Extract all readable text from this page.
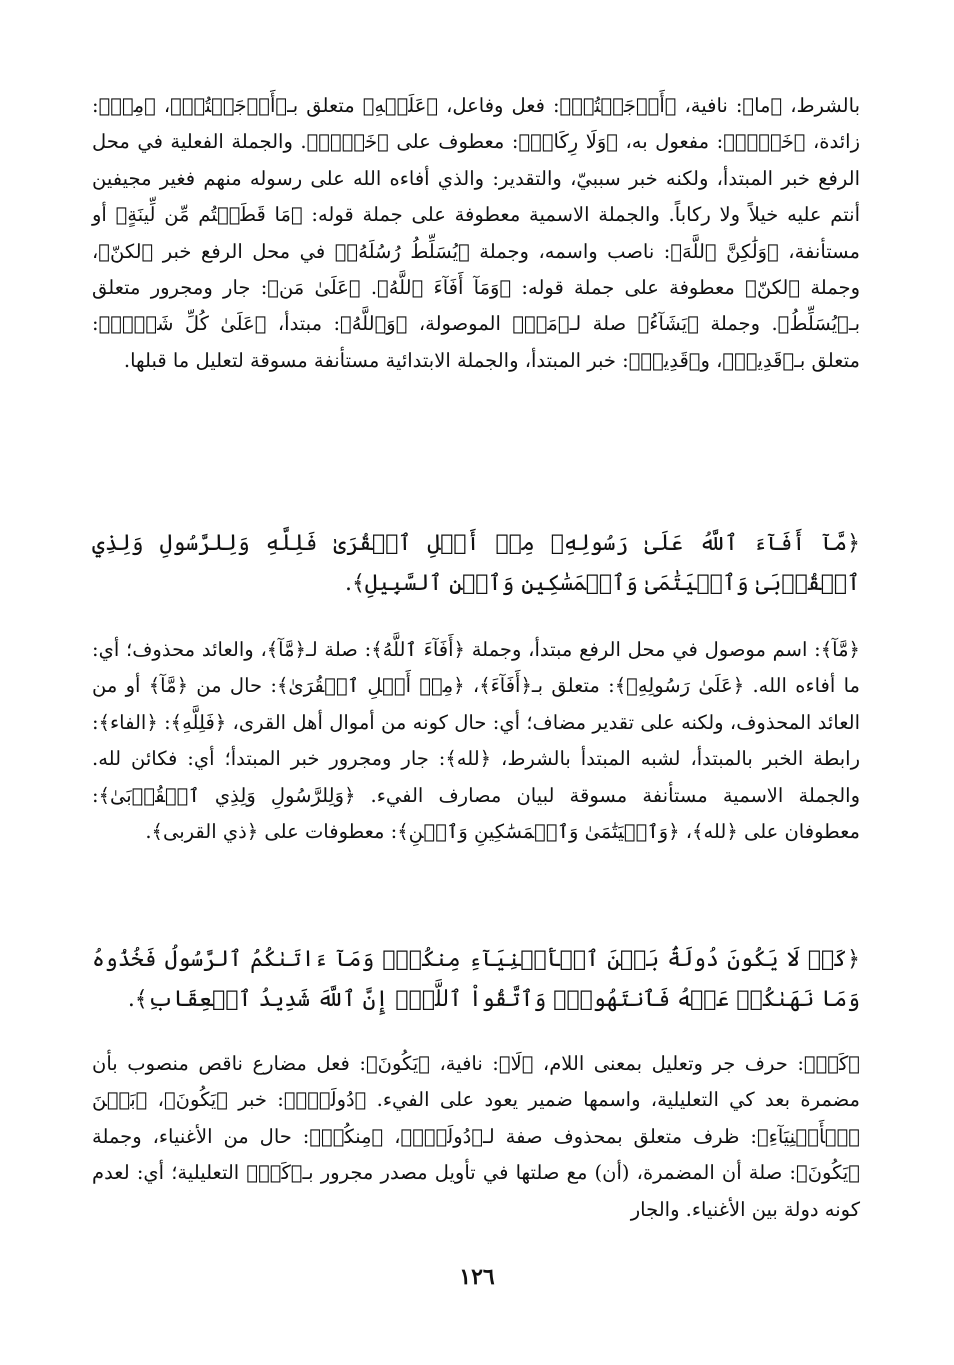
بالشرط، ﴿ما﴾: نافية، ﴿أَوۡجَفۡتُمۡ﴾: فعل وفاعل، ﴿عَلَيۡهِ﴾ متعلق بـ﴿أَوۡجَفۡتُمۡ﴾، ﴿مِنۡ﴾: زائدة، ﴿خَيۡلٖ﴾: مفعول به، ﴿وَلَا رِكَابٖ﴾: معطوف على ﴿خَيۡلٖ﴾. والجملة الفعلية في محل الرفع خبر المبتدأ، ولكنه خبر سببيّ، والتقدير: والذي أفاءه الله على رسوله منهم فغير مجيفين أنتم عليه خيلاً ولا ركاباً. والجملة الاسمية معطوفة على جملة قوله: ﴿مَا قَطَعۡتُم مِّن لِّينَةٍ﴾ أو مستأنفة، ﴿وَلَٰكِنَّ ٱللَّهَ﴾: ناصب واسمه، وجملة ﴿يُسَلِّطُ رُسُلَهُۥ﴾ في محل الرفع خبر ﴿لكنّ﴾، وجملة ﴿لكنّ﴾ معطوفة على جملة قوله: ﴿وَمَآ أَفَآءَ ٱللَّهُ﴾. ﴿عَلَىٰ مَن﴾: جار ومجرور متعلق بـ﴿يُسَلِّطُ﴾. وجملة ﴿يَشَآءُ﴾ صلة لـ﴿مَنۡ﴾ الموصولة، ﴿وَٱللَّهُ﴾: مبتدأ، ﴿عَلَىٰ كُلِّ شَيۡءٖ﴾: متعلق بـ﴿قَدِيرٞ﴾، و﴿قَدِيرٞ﴾: خبر المبتدأ، والجملة الابتدائية مستأنفة مسوقة لتعليل ما قبلها.

﴿مَّآ أَفَآءَ ٱللَّهُ عَلَىٰ رَسُولِهِۦ مِنۡ أَهۡلِ ٱلۡقُرَىٰ فَلِلَّهِ وَلِلرَّسُولِ وَلِذِي ٱلۡقُرۡبَىٰ وَٱلۡيَتَٰمَىٰ وَٱلۡمَسَٰكِينِ وَٱبۡنِ ٱلسَّبِيلِ﴾.

﴿مَّآ﴾: اسم موصول في محل الرفع مبتدأ، وجملة ﴿أَفَآءَ ٱللَّهُ﴾: صلة لـ﴿مَّآ﴾، والعائد محذوف؛ أي: ما أفاءه الله. ﴿عَلَىٰ رَسُولِهِۦ﴾: متعلق بـ﴿أَفَآءَ﴾، ﴿مِنۡ أَهۡلِ ٱلۡقُرَىٰ﴾: حال من ﴿مَّآ﴾ أو من العائد المحذوف، ولكنه على تقدير مضاف؛ أي: حال كونه من أموال أهل القرى، ﴿فَلِلَّهِ﴾: ﴿الفاء﴾: رابطة الخبر بالمبتدأ، لشبه المبتدأ بالشرط، ﴿لله﴾: جار ومجرور خبر المبتدأ؛ أي: فكائن لله. والجملة الاسمية مستأنفة مسوقة لبيان مصارف الفيء. ﴿وَلِلرَّسُولِ وَلِذِي ٱلۡقُرۡبَىٰ﴾: معطوفان على ﴿لله﴾، ﴿وَٱلۡيَتَٰمَىٰ وَٱلۡمَسَٰكِينِ وَٱبۡنِ﴾: معطوفات على ﴿ذي القربى﴾.

﴿كَيۡ لَا يَكُونَ دُولَةَۢ بَيۡنَ ٱلۡأَغۡنِيَآءِ مِنكُمۡۚ وَمَآ ءَاتَىٰكُمُ ٱلرَّسُولُ فَخُذُوهُ وَمَا نَهَىٰكُمۡ عَنۡهُ فَٱنتَهُواْۚ وَٱتَّقُواْ ٱللَّهَۖ إِنَّ ٱللَّهَ شَدِيدُ ٱلۡعِقَابِ﴾.

﴿كَيۡ﴾: حرف جر وتعليل بمعنى اللام، ﴿لَا﴾: نافية، ﴿يَكُونَ﴾: فعل مضارع ناقص منصوب بأن مضمرة بعد كي التعليلية، واسمها ضمير يعود على الفيء. ﴿دُولَةَۢ﴾: خبر ﴿يَكُونَ﴾، ﴿بَيۡنَ ٱلۡأَغۡنِيَآءِ﴾: ظرف متعلق بمحذوف صفة لـ﴿دُولَةَۢ﴾، ﴿مِنكُمۡ﴾: حال من الأغنياء، وجملة ﴿يَكُونَ﴾: صلة أن المضمرة، (أن) مع صلتها في تأويل مصدر مجرور بـ﴿كَيۡ﴾ التعليلية؛ أي: لعدم كونه دولة بين الأغنياء. والجار

١٢٦
